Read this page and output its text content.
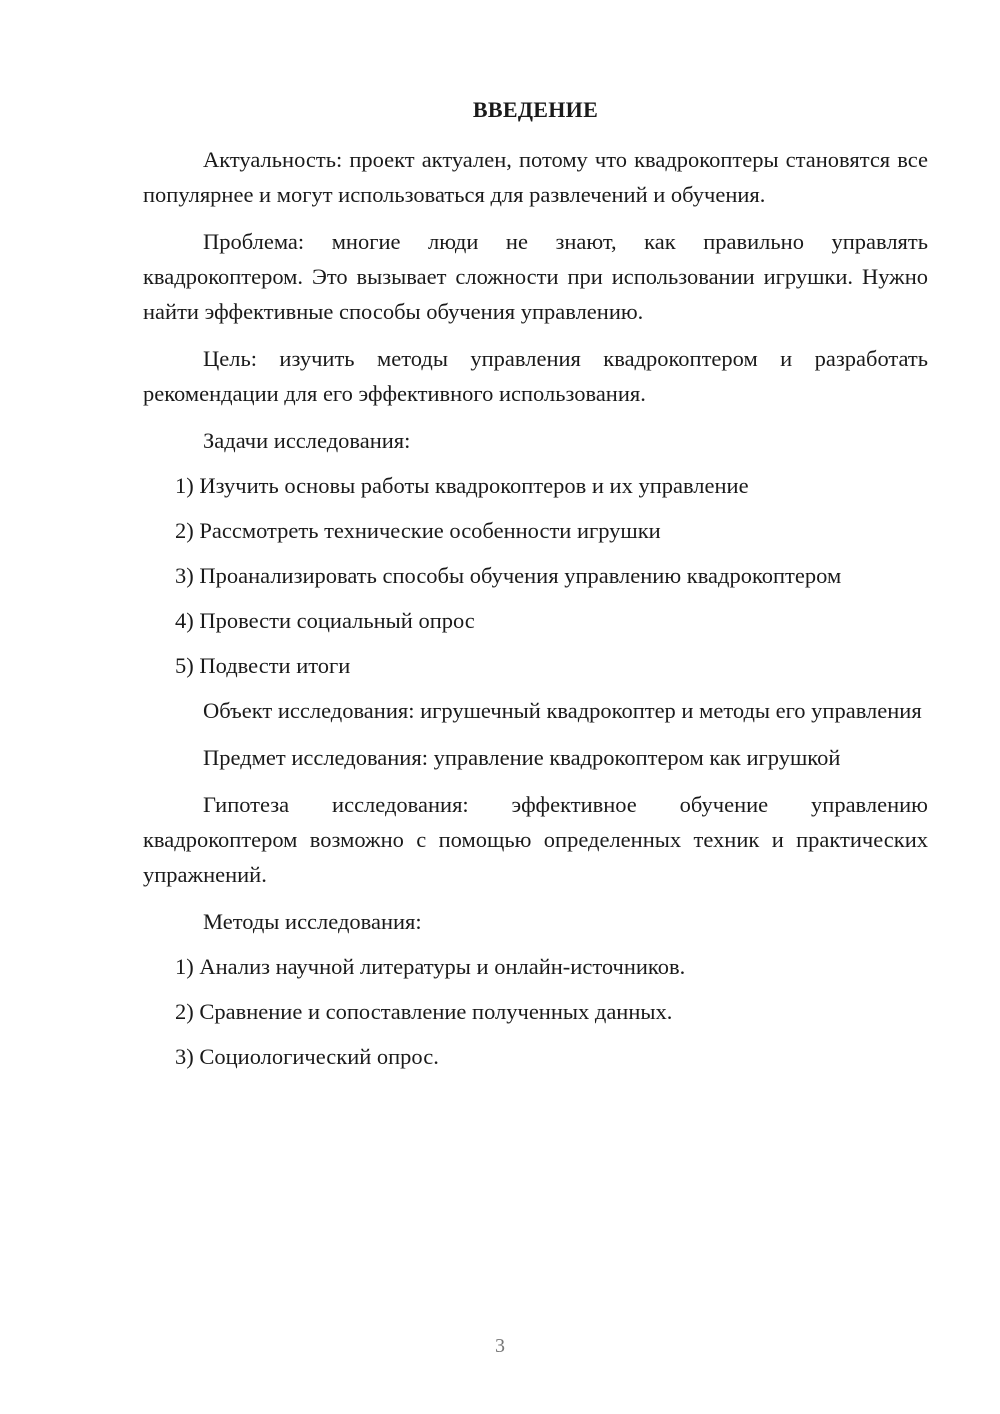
ВВЕДЕНИЕ

Актуальность: проект актуален, потому что квадрокоптеры становятся все популярнее и могут использоваться для развлечений и обучения.

Проблема: многие люди не знают, как правильно управлять квадрокоптером. Это вызывает сложности при использовании игрушки. Нужно найти эффективные способы обучения управлению.

Цель: изучить методы управления квадрокоптером и разработать рекомендации для его эффективного использования.

Задачи исследования:
1) Изучить основы работы квадрокоптеров и их управление
2) Рассмотреть технические особенности игрушки
3) Проанализировать способы обучения управлению квадрокоптером
4) Провести социальный опрос
5) Подвести итоги

Объект исследования: игрушечный квадрокоптер и методы его управления

Предмет исследования: управление квадрокоптером как игрушкой

Гипотеза исследования: эффективное обучение управлению квадрокоптером возможно с помощью определенных техник и практических упражнений.

Методы исследования:
1) Анализ научной литературы и онлайн-источников.
2) Сравнение и сопоставление полученных данных.
3) Социологический опрос.
3
